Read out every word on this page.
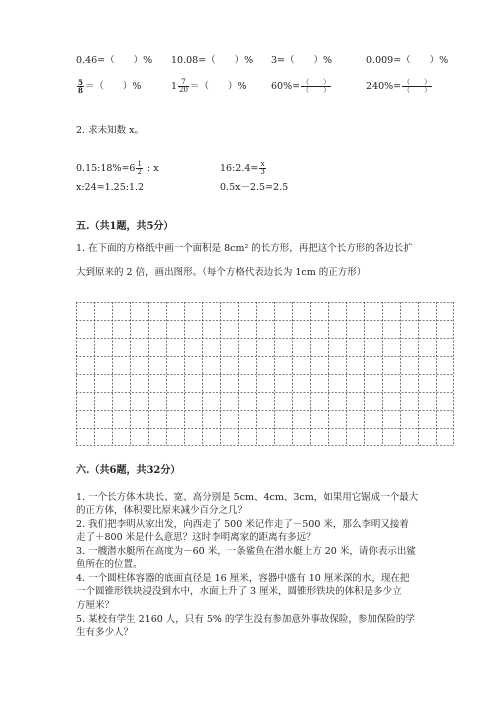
0.46=（　　）% 10.08=（　　）% 3=（　　）%	0.009=（　　）%
$\frac{5}{8}$ ＝（　　）%	$1 \frac{7}{20}$ ＝（　　）%	$60\%= \frac{( )}{( )}$	$240\%= \frac{( )}{( )}$
2. 求未知数 x。
0.15:18%=6 $\frac{1}{2}$ : x	16:2.4= $\frac{x}{3}$
x:24=1.25:1.2	0.5x－2.5=2.5
五.（共1题，共5分）
1. 在下面的方格纸中画一个面积是 8cm² 的长方形，再把这个长方形的各边长扩
大到原来的 2 倍，画出图形。（每个方格代表边长为 1cm 的正方形）
六.（共6题，共32分）
1. 一个长方体木块长、宽、高分别是 5cm、4cm、3cm，如果用它锯成一个最大
的正方体，体积要比原来减少百分之几？
2. 我们把李明从家出发，向西走了 500 米记作走了－500 米，那么李明又接着
走了＋800 米是什么意思？这时李明离家的距离有多远？
3. 一艘潜水艇所在高度为－60 米，一条鲨鱼在潜水艇上方 20 米，请你表示出鲨
鱼所在的位置。
4. 一个圆柱体容器的底面直径是 16 厘米，容器中盛有 10 厘米深的水，现在把
一个圆锥形铁块浸没到水中，水面上升了 3 厘米，圆锥形铁块的体积是多少立
方厘米？
5. 某校有学生 2160 人，只有 5% 的学生没有参加意外事故保险，参加保险的学
生有多少人？
